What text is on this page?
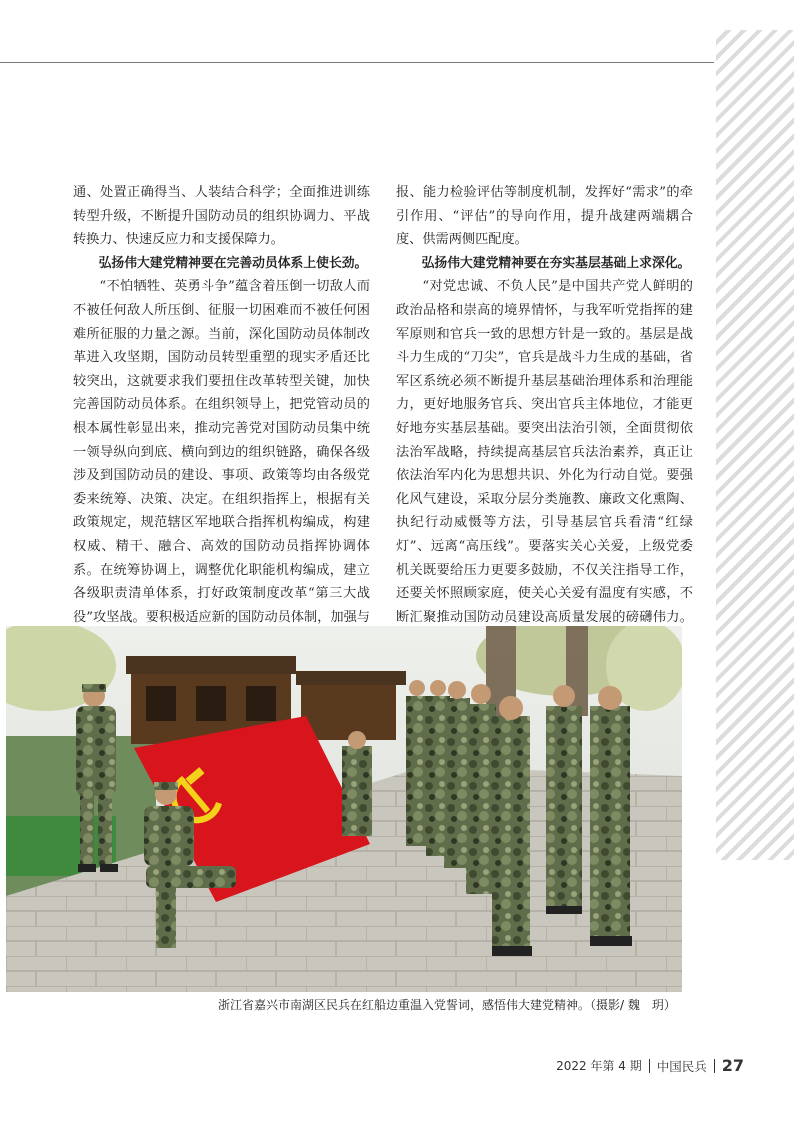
通、处置正确得当、人装结合科学；全面推进训练转型升级，不断提升国防动员的组织协调力、平战转换力、快速反应力和支援保障力。

弘扬伟大建党精神要在完善动员体系上使长劲。

“不怕牺牲、英勇斗争”蕴含着压倒一切敌人而不被任何敌人所压倒、征服一切困难而不被任何困难所征服的力量之源。当前，深化国防动员体制改革进入攻坚期，国防动员转型重塑的现实矛盾还比较突出，这就要求我们要扭住改革转型关键，加快完善国防动员体系。在组织领导上，把党管动员的根本属性彰显出来，推动完善党对国防动员集中统一领导纵向到底、横向到边的组织链路，确保各级涉及到国防动员的建设、事项、政策等均由各级党委来统筹、决策、决定。在组织指挥上，根据有关政策规定，规范辖区军地联合指挥机构编成，构建权威、精干、融合、高效的国防动员指挥协调体系。在统筹协调上，调整优化职能机构编成，建立各级职责清单体系，打好政策制度改革“第三大战役”攻坚战。要积极适应新的国防动员体制，加强与

报、能力检验评估等制度机制，发挥好“需求”的牵引作用、“评估”的导向作用，提升战建两端耦合度、供需两侧匹配度。

弘扬伟大建党精神要在夯实基层基础上求深化。

“对党忠诚、不负人民”是中国共产党人鲜明的政治品格和崇高的境界情怀，与我军听党指挥的建军原则和官兵一致的思想方针是一致的。基层是战斗力生成的“刀尖”，官兵是战斗力生成的基础，省军区系统必须不断提升基层基础治理体系和治理能力，更好地服务官兵、突出官兵主体地位，才能更好地夯实基层基础。要突出法治引领，全面贯彻依法治军战略，持续提高基层官兵法治素养，真正让依法治军内化为思想共识、外化为行动自觉。要强化风气建设，采取分层分类施教、廉政文化熏陶、执纪行动威慑等方法，引导基层官兵看清“红绿灯”、远离“高压线”。要落实关心关爱，上级党委机关既要给压力更要多鼓励，不仅关注指导工作，还要关怀照顾家庭，使关心关爱有温度有实感，不断汇聚推动国防动员建设高质量发展的磅礴伟力。

浙江省嘉兴市南湖区民兵在红船边重温入党誓词，感悟伟大建党精神。（摄影/ 魏　玥）
2022 年第 4 期 中国民兵 27
